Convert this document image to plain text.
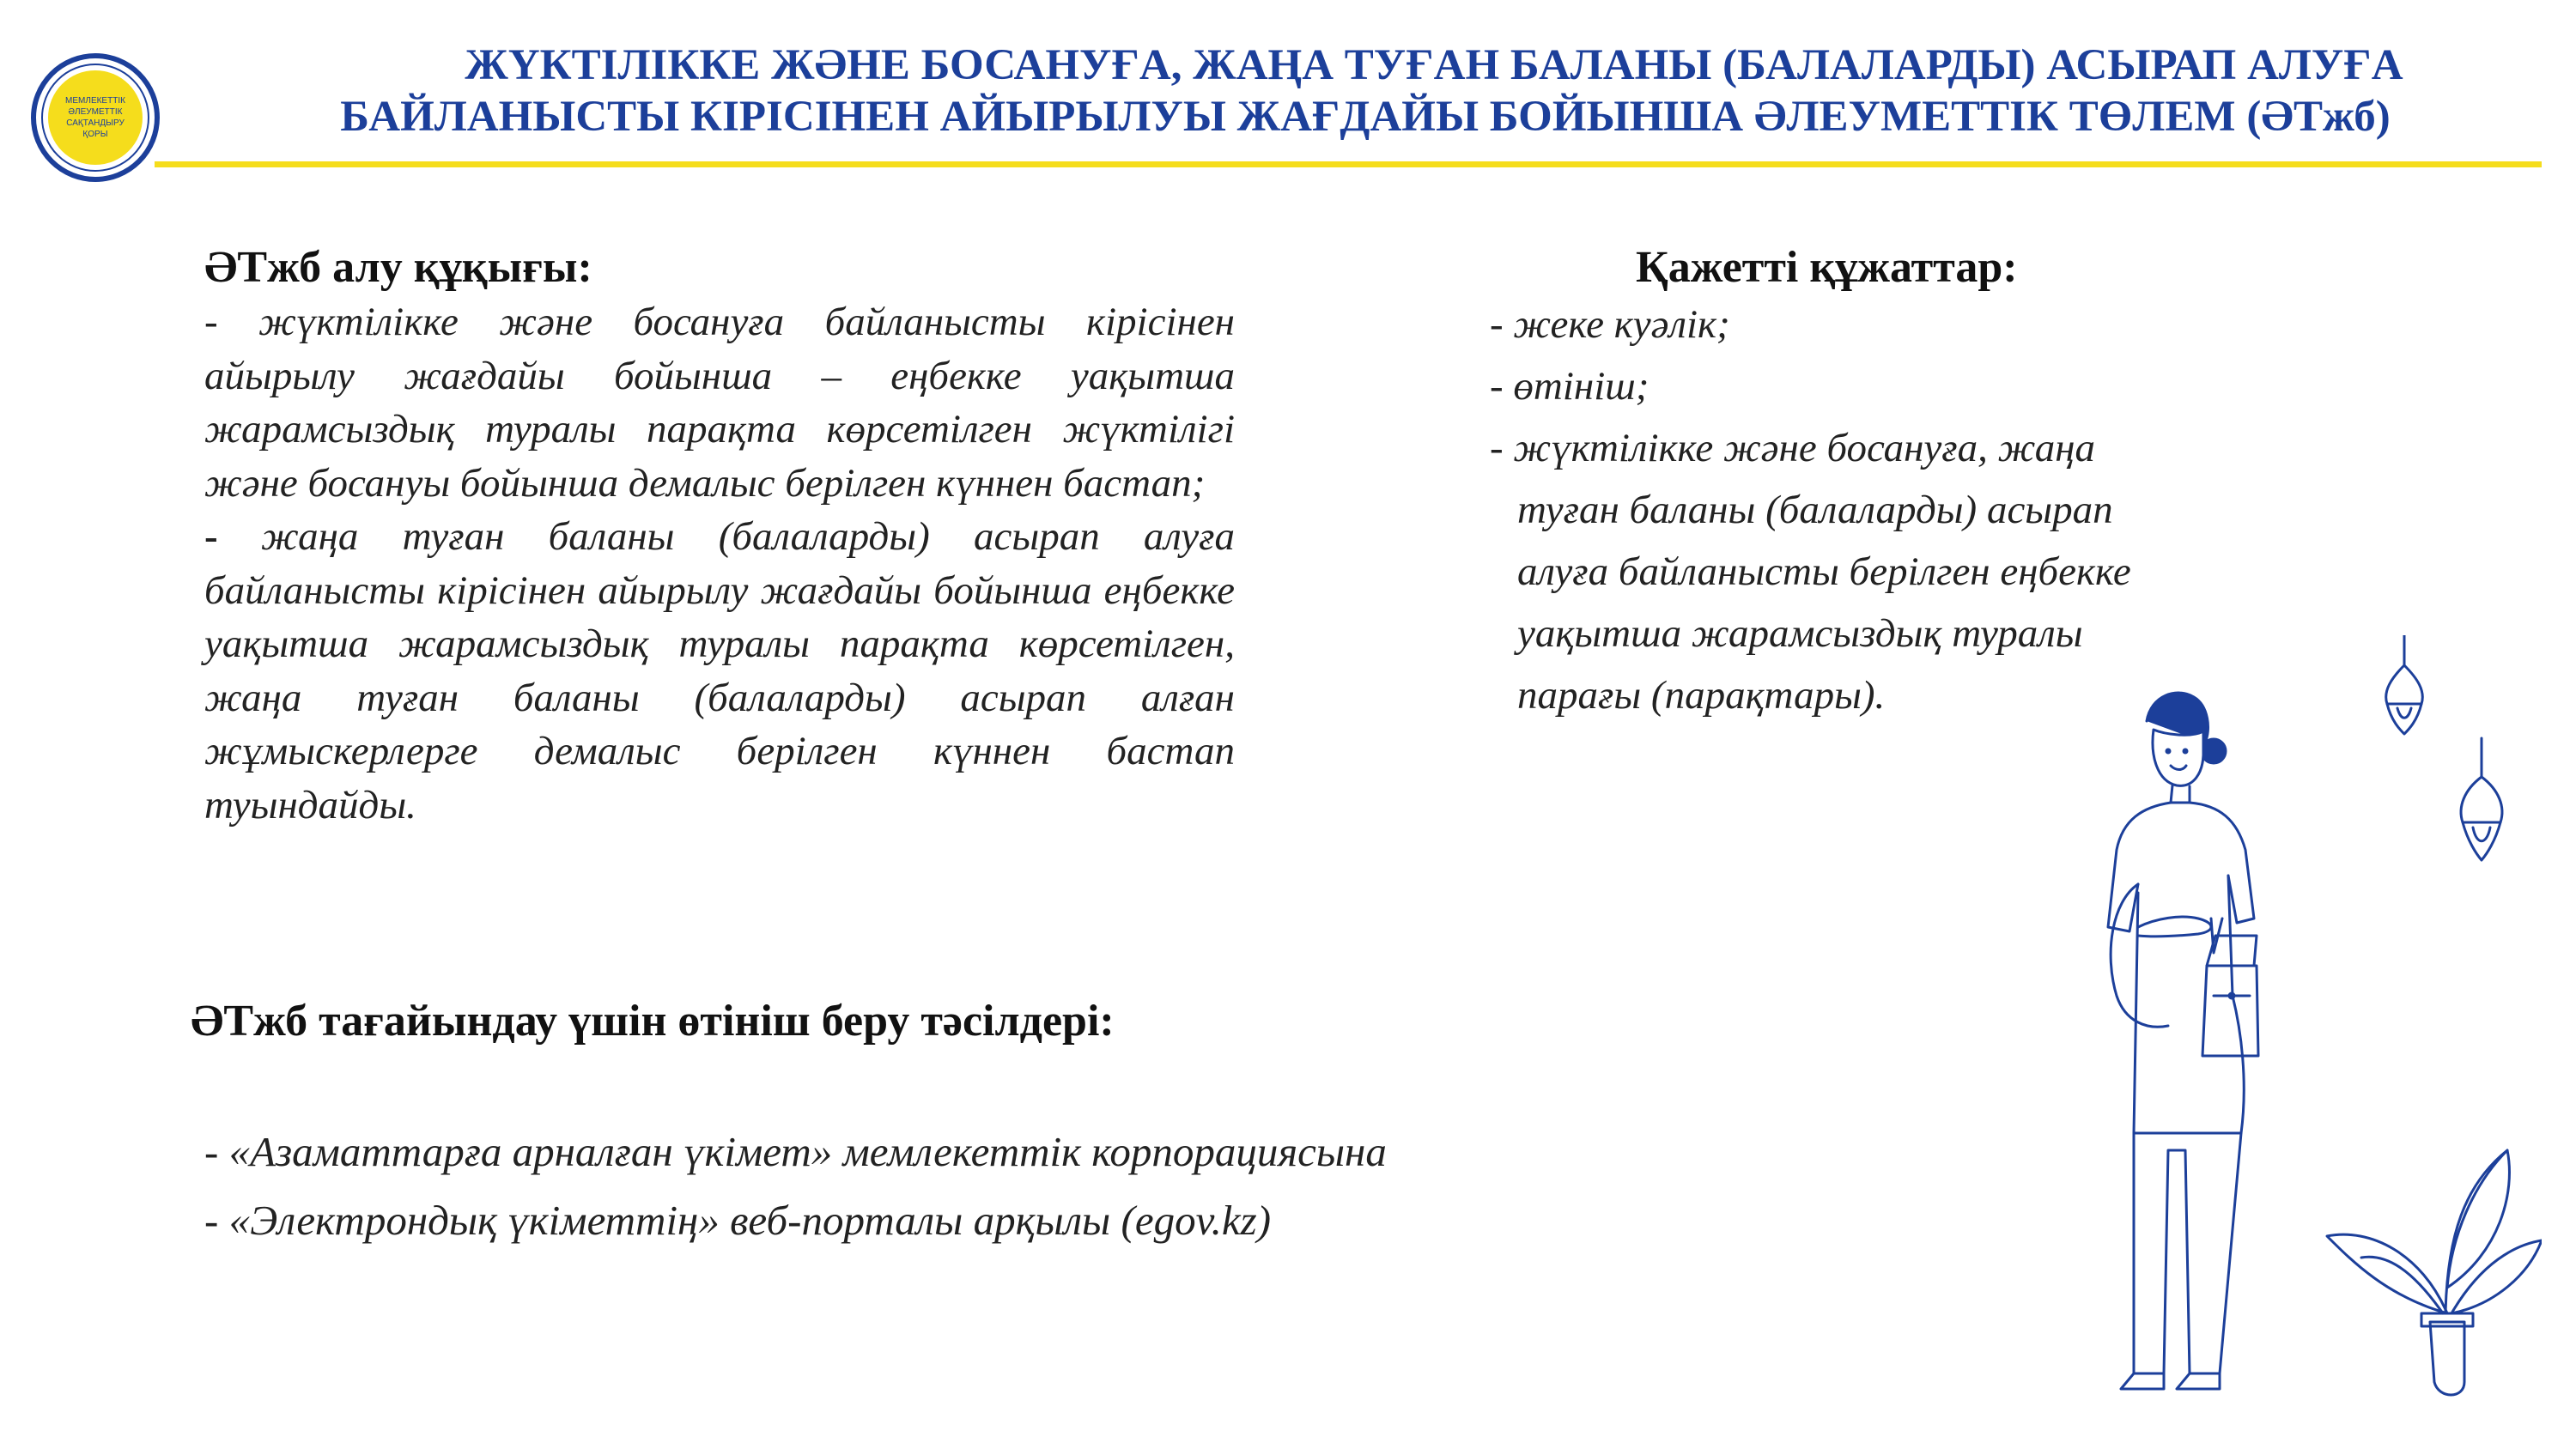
МЕМЛЕКЕТТІК
ӘЛЕУМЕТТІК
САҚТАНДЫРУ
ҚОРЫ
ЖҮКТІЛІККЕ ЖӘНЕ БОСАНУҒА, ЖАҢА ТУҒАН БАЛАНЫ (БАЛАЛАРДЫ) АСЫРАП АЛУҒА
БАЙЛАНЫСТЫ КІРІСІНЕН АЙЫРЫЛУЫ ЖАҒДАЙЫ БОЙЫНША ӘЛЕУМЕТТІК ТӨЛЕМ (ӘТжб)
ӘТжб алу құқығы:

- жүктілікке және босануға байланысты кірісінен айырылу жағдайы бойынша – еңбекке уақытша жарамсыздық туралы парақта көрсетілген жүктілігі және босануы бойынша демалыс берілген күннен бастап;

- жаңа туған баланы (балаларды) асырап алуға байланысты кірісінен айырылу жағдайы бойынша еңбекке уақытша жарамсыздық туралы парақта көрсетілген, жаңа туған баланы (балаларды) асырап алған жұмыскерлерге демалыс берілген күннен бастап туындайды.

Қажетті құжаттар:

- жеке куәлік;

- өтініш;

- жүктілікке және босануға, жаңа

туған баланы (балаларды) асырап

алуға байланысты берілген еңбекке

уақытша жарамсыздық туралы

парағы (парақтары).

ӘТжб тағайындау үшін өтініш беру тәсілдері:

- «Азаматтарға арналған үкімет» мемлекеттік корпорациясына

- «Электрондық үкіметтің» веб-порталы арқылы (egov.kz)
